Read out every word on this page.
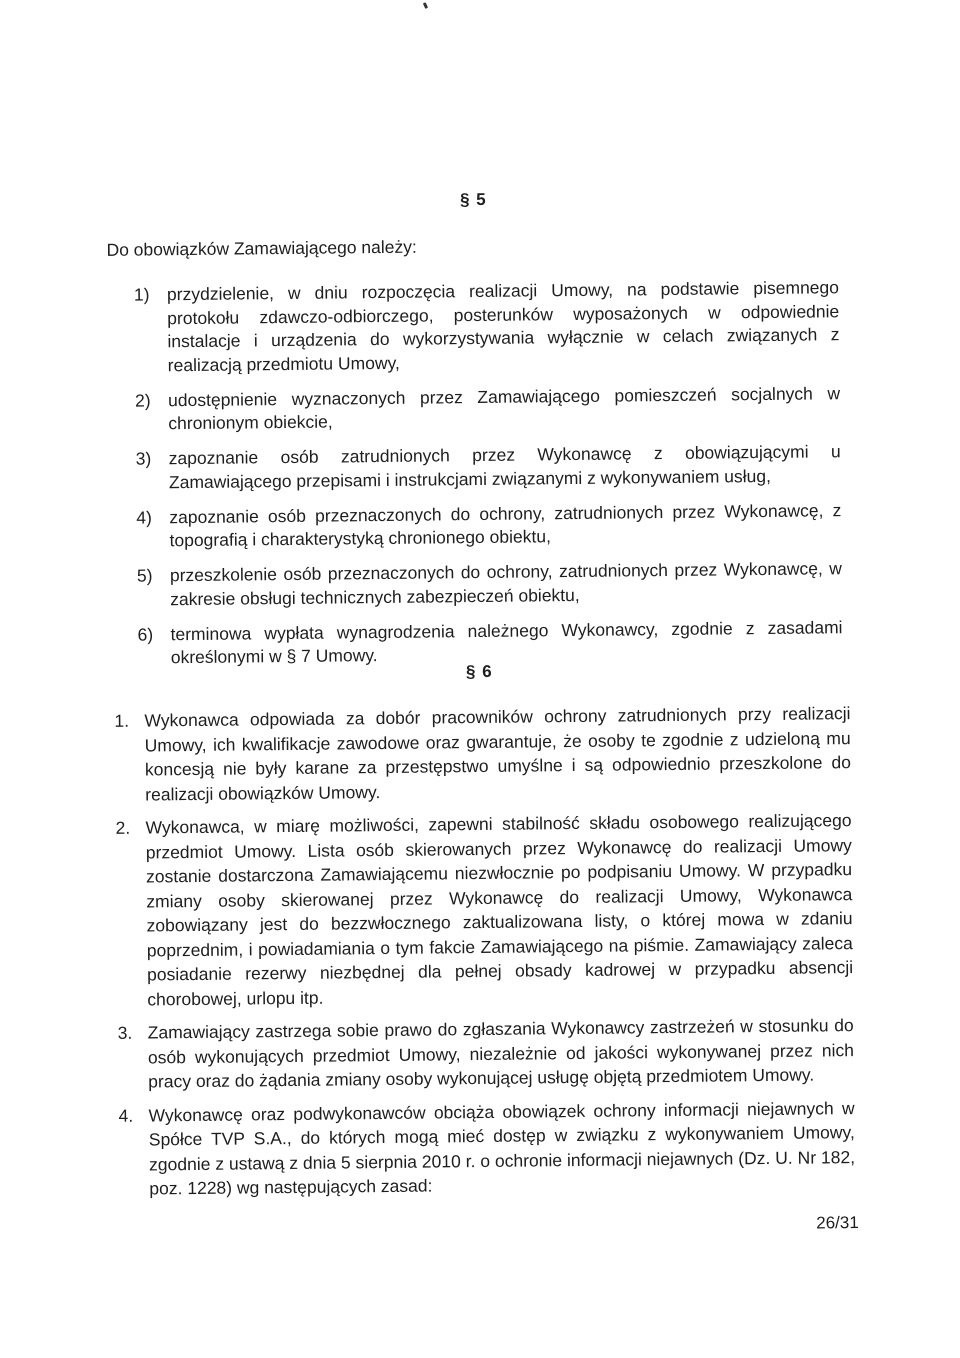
§ 5
Do obowiązków Zamawiającego należy:
1) przydzielenie, w dniu rozpoczęcia realizacji Umowy, na podstawie pisemnego protokołu zdawczo-odbiorczego, posterunków wyposażonych w odpowiednie instalacje i urządzenia do wykorzystywania wyłącznie w celach związanych z realizacją przedmiotu Umowy,
2) udostępnienie wyznaczonych przez Zamawiającego pomieszczeń socjalnych w chronionym obiekcie,
3) zapoznanie osób zatrudnionych przez Wykonawcę z obowiązującymi u Zamawiającego przepisami i instrukcjami związanymi z wykonywaniem usług,
4) zapoznanie osób przeznaczonych do ochrony, zatrudnionych przez Wykonawcę, z topografią i charakterystyką chronionego obiektu,
5) przeszkolenie osób przeznaczonych do ochrony, zatrudnionych przez Wykonawcę, w zakresie obsługi technicznych zabezpieczeń obiektu,
6) terminowa wypłata wynagrodzenia należnego Wykonawcy, zgodnie z zasadami określonymi w § 7 Umowy.
§ 6
1. Wykonawca odpowiada za dobór pracowników ochrony zatrudnionych przy realizacji Umowy, ich kwalifikacje zawodowe oraz gwarantuje, że osoby te zgodnie z udzieloną mu koncesją nie były karane za przestępstwo umyślne i są odpowiednio przeszkolone do realizacji obowiązków Umowy.
2. Wykonawca, w miarę możliwości, zapewni stabilność składu osobowego realizującego przedmiot Umowy. Lista osób skierowanych przez Wykonawcę do realizacji Umowy zostanie dostarczona Zamawiającemu niezwłocznie po podpisaniu Umowy. W przypadku zmiany osoby skierowanej przez Wykonawcę do realizacji Umowy, Wykonawca zobowiązany jest do bezzwłocznego zaktualizowana listy, o której mowa w zdaniu poprzednim, i powiadamiania o tym fakcie Zamawiającego na piśmie. Zamawiający zaleca posiadanie rezerwy niezbędnej dla pełnej obsady kadrowej w przypadku absencji chorobowej, urlopu itp.
3. Zamawiający zastrzega sobie prawo do zgłaszania Wykonawcy zastrzeżeń w stosunku do osób wykonujących przedmiot Umowy, niezależnie od jakości wykonywanej przez nich pracy oraz do żądania zmiany osoby wykonującej usługę objętą przedmiotem Umowy.
4. Wykonawcę oraz podwykonawców obciąża obowiązek ochrony informacji niejawnych w Spółce TVP S.A., do których mogą mieć dostęp w związku z wykonywaniem Umowy, zgodnie z ustawą z dnia 5 sierpnia 2010 r. o ochronie informacji niejawnych (Dz. U. Nr 182, poz. 1228) wg następujących zasad:
26/31
